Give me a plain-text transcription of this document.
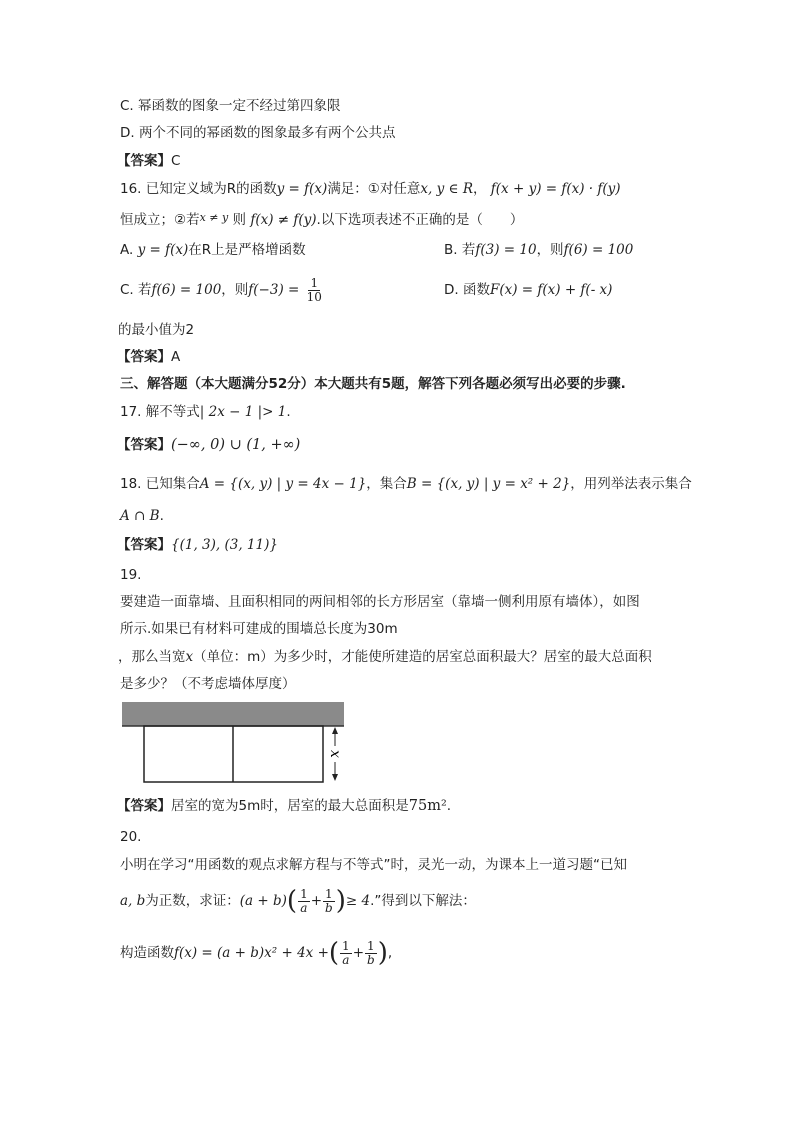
C. 幂函数的图象一定不经过第四象限
D. 两个不同的幂函数的图象最多有两个公共点
【答案】C
16. 已知定义域为R的函数y = f(x)满足：①对任意x, y ∈ R， f(x + y) = f(x) · f(y)
恒成立；②若$^{x \ne y}$ 则 f(x) ≠ f(y).以下选项表述不正确的是（　　）
A. y = f(x)在R上是严格增函数	B. 若f(3) = 10，则f(6) = 100
C. 若f(6) = 100，则$f(-3) = \frac{1}{10}$	D. 函数F(x) = f(x) + f(- x)
的最小值为2
【答案】A
三、解答题（本大题满分52分）本大题共有5题，解答下列各题必须写出必要的步骤.
17. 解不等式| 2x − 1 |> 1.
【答案】(−∞, 0) ∪ (1, +∞)
18. 已知集合A = {(x, y) | y = 4x − 1}，集合B = {(x, y) | y = x² + 2}，用列举法表示集合
A ∩ B.
【答案】{(1, 3), (3, 11)}
19.
要建造一面靠墙、且面积相同的两间相邻的长方形居室（靠墙一侧利用原有墙体），如图
所示.如果已有材料可建成的围墙总长度为30m
，那么当宽x（单位：m）为多少时，才能使所建造的居室总面积最大？居室的最大总面积
是多少？（不考虑墙体厚度）
x
【答案】居室的宽为5m时，居室的最大总面积是75m².
20.
小明在学习“用函数的观点求解方程与不等式”时，灵光一动，为课本上一道习题“已知
a, b为正数，求证：$(a + b)( \frac{1}{a} + \frac{1}{b}$ )≥ 4.”得到以下解法：
构造函数f(x) = (a + b)x² + 4x +( $\frac{1}{a} + \frac{1}{b}$ ),
